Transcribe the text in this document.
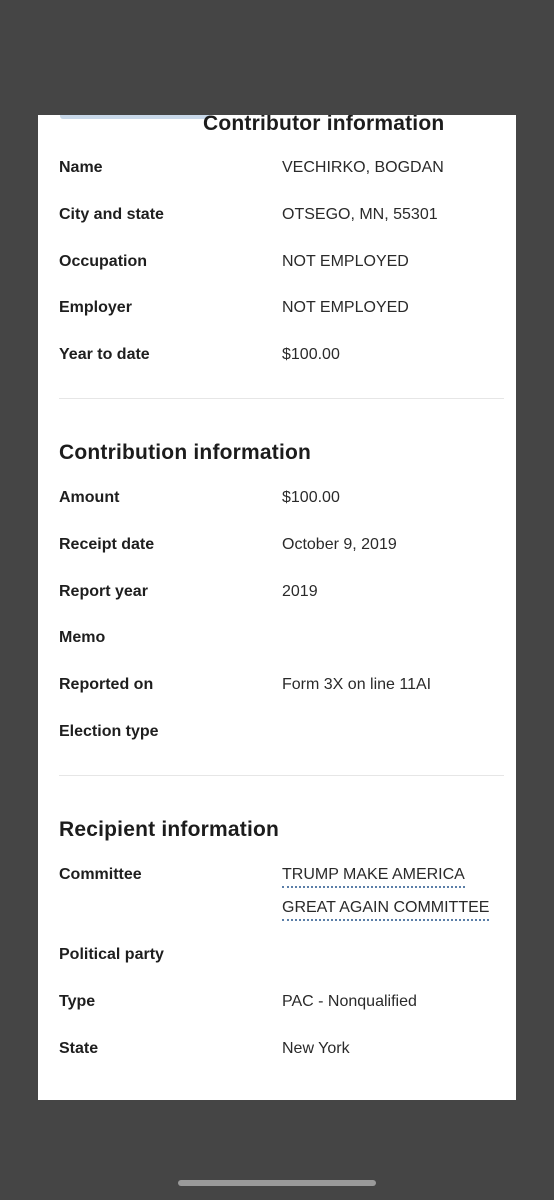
Contributor information
Name	VECHIRKO, BOGDAN
City and state	OTSEGO, MN, 55301
Occupation	NOT EMPLOYED
Employer	NOT EMPLOYED
Year to date	$100.00
Contribution information
Amount	$100.00
Receipt date	October 9, 2019
Report year	2019
Memo
Reported on	Form 3X on line 11AI
Election type
Recipient information
Committee	TRUMP MAKE AMERICA
GREAT AGAIN COMMITTEE
Political party
Type	PAC - Nonqualified
State	New York
